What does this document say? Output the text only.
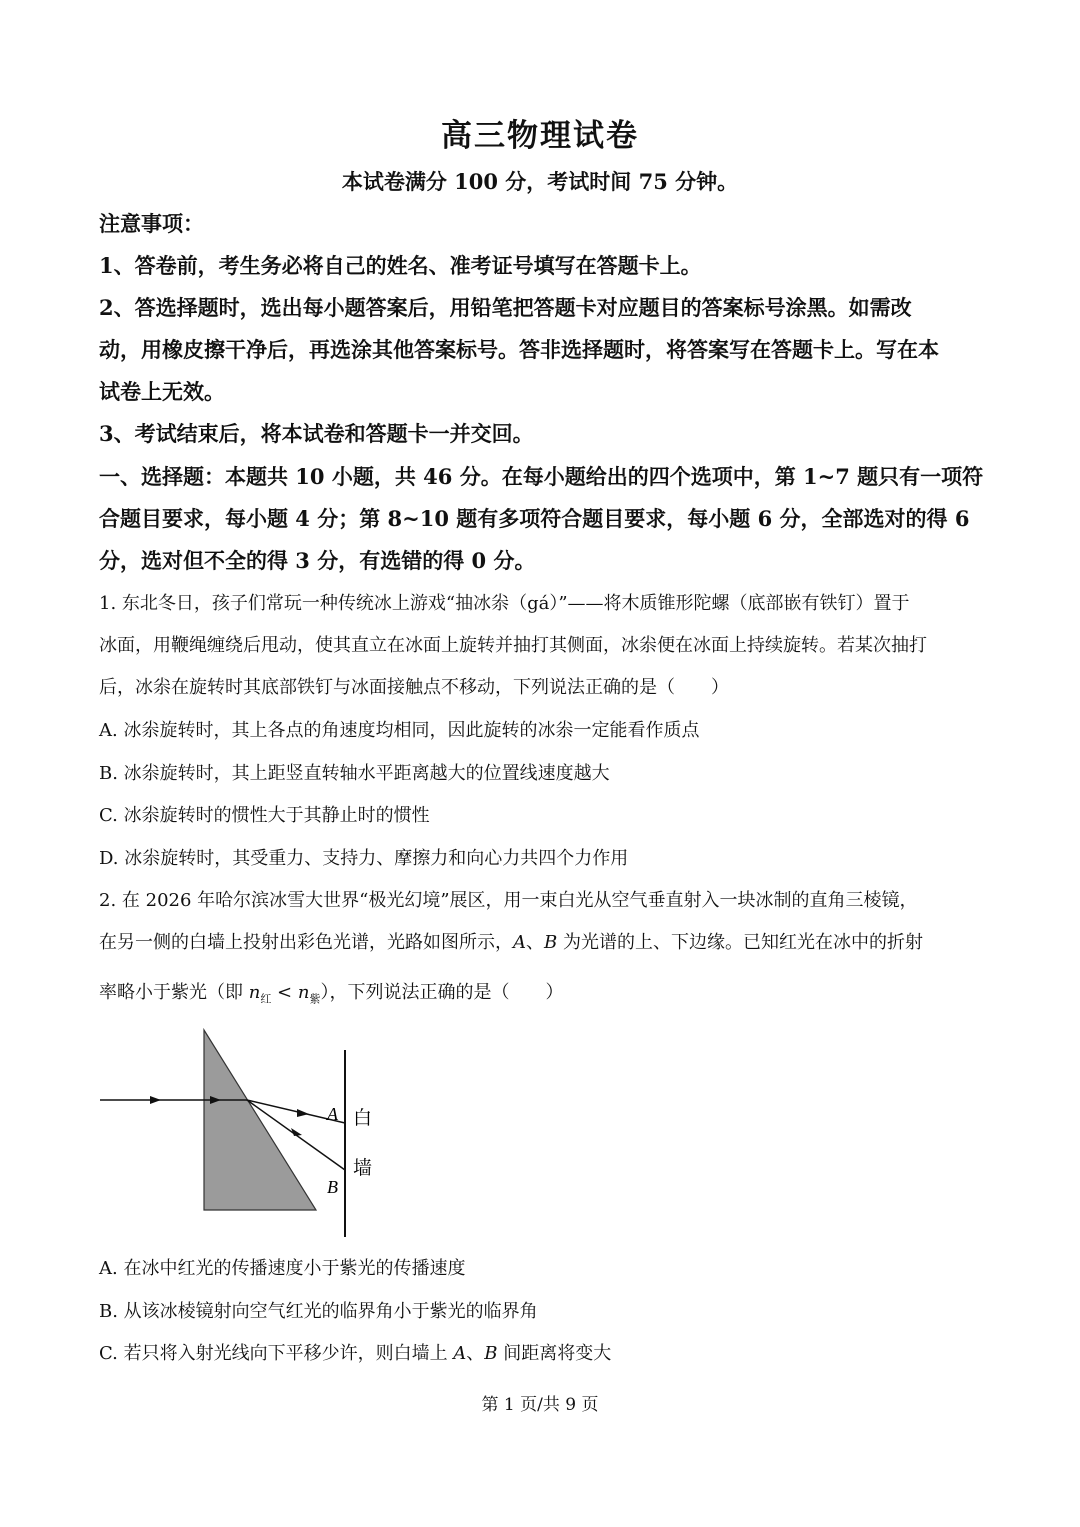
高三物理试卷
本试卷满分 100 分，考试时间 75 分钟。
注意事项：
1、答卷前，考生务必将自己的姓名、准考证号填写在答题卡上。
2、答选择题时，选出每小题答案后，用铅笔把答题卡对应题目的答案标号涂黑。如需改
动，用橡皮擦干净后，再选涂其他答案标号。答非选择题时，将答案写在答题卡上。写在本
试卷上无效。
3、考试结束后，将本试卷和答题卡一并交回。
一、选择题：本题共 10 小题，共 46 分。在每小题给出的四个选项中，第 1~7 题只有一项符
合题目要求，每小题 4 分；第 8~10 题有多项符合题目要求，每小题 6 分，全部选对的得 6
分，选对但不全的得 3 分，有选错的得 0 分。
1. 东北冬日，孩子们常玩一种传统冰上游戏“抽冰尜（gá）”——将木质锥形陀螺（底部嵌有铁钉）置于
冰面，用鞭绳缠绕后甩动，使其直立在冰面上旋转并抽打其侧面，冰尜便在冰面上持续旋转。若某次抽打
后，冰尜在旋转时其底部铁钉与冰面接触点不移动，下列说法正确的是（　　）
A. 冰尜旋转时，其上各点的角速度均相同，因此旋转的冰尜一定能看作质点
B. 冰尜旋转时，其上距竖直转轴水平距离越大的位置线速度越大
C. 冰尜旋转时的惯性大于其静止时的惯性
D. 冰尜旋转时，其受重力、支持力、摩擦力和向心力共四个力作用
2. 在 2026 年哈尔滨冰雪大世界“极光幻境”展区，用一束白光从空气垂直射入一块冰制的直角三棱镜，
在另一侧的白墙上投射出彩色光谱，光路如图所示，A、B 为光谱的上、下边缘。已知红光在冰中的折射
率略小于紫光（即 $n_红 < n_紫$），下列说法正确的是（　　）
A
B
白
墙
A. 在冰中红光的传播速度小于紫光的传播速度
B. 从该冰棱镜射向空气红光的临界角小于紫光的临界角
C. 若只将入射光线向下平移少许，则白墙上 A、B 间距离将变大
第 1 页/共 9 页
